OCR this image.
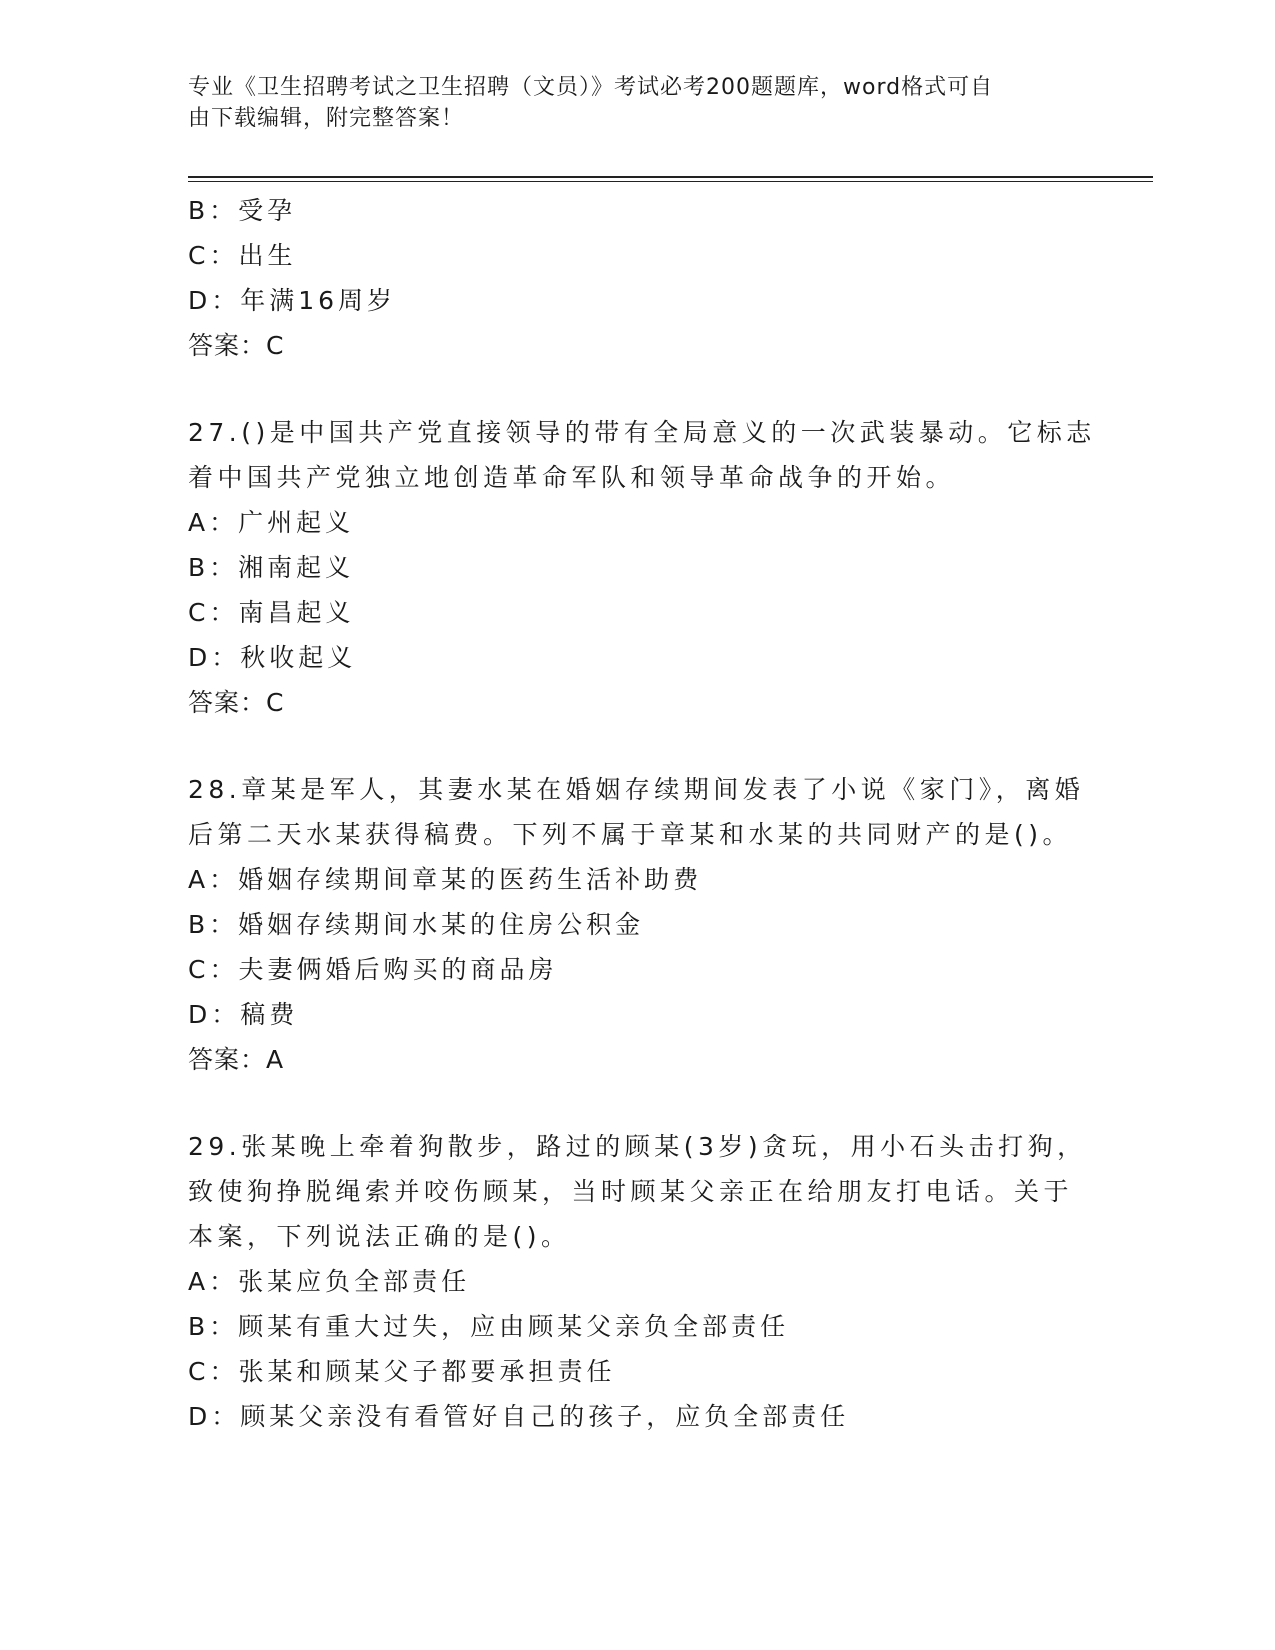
专业《卫生招聘考试之卫生招聘（文员）》考试必考200题题库，word格式可自
由下载编辑，附完整答案！
B：受孕
C：出生
D：年满16周岁
答案：C
27.()是中国共产党直接领导的带有全局意义的一次武装暴动。它标志
着中国共产党独立地创造革命军队和领导革命战争的开始。
A：广州起义
B：湘南起义
C：南昌起义
D：秋收起义
答案：C
28.章某是军人，其妻水某在婚姻存续期间发表了小说《家门》，离婚
后第二天水某获得稿费。下列不属于章某和水某的共同财产的是()。
A：婚姻存续期间章某的医药生活补助费
B：婚姻存续期间水某的住房公积金
C：夫妻俩婚后购买的商品房
D：稿费
答案：A
29.张某晚上牵着狗散步，路过的顾某(3岁)贪玩，用小石头击打狗，
致使狗挣脱绳索并咬伤顾某，当时顾某父亲正在给朋友打电话。关于
本案，下列说法正确的是()。
A：张某应负全部责任
B：顾某有重大过失，应由顾某父亲负全部责任
C：张某和顾某父子都要承担责任
D：顾某父亲没有看管好自己的孩子，应负全部责任
